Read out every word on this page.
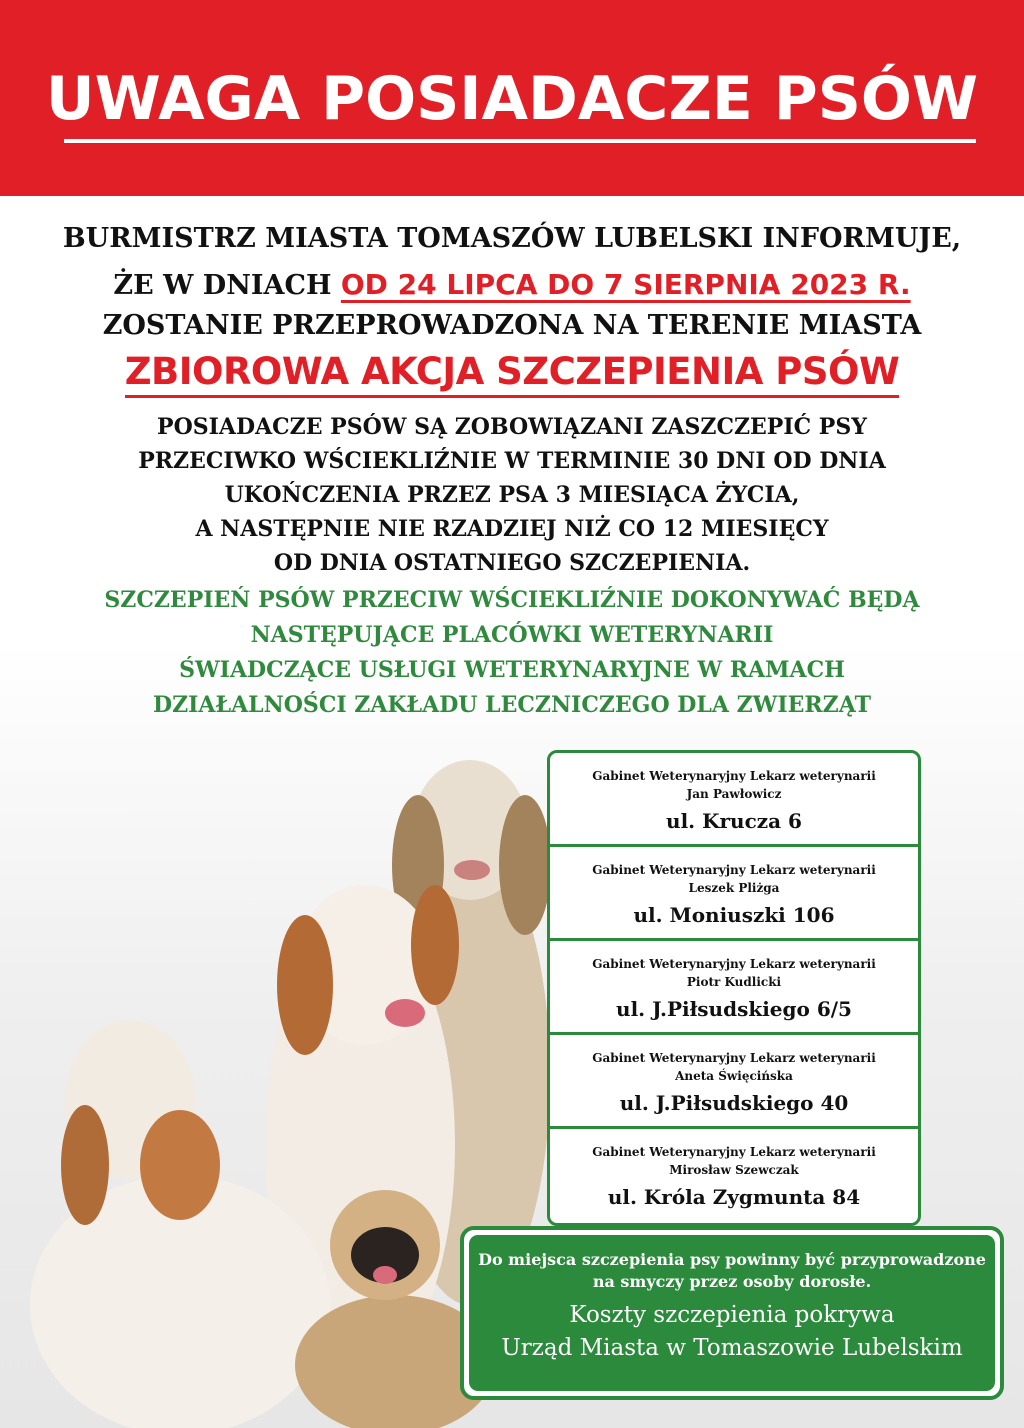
UWAGA POSIADACZE PSÓW
BURMISTRZ MIASTA TOMASZÓW LUBELSKI INFORMUJE,
ŻE W DNIACH OD 24 LIPCA DO 7 SIERPNIA 2023 R.
ZOSTANIE PRZEPROWADZONA NA TERENIE MIASTA
ZBIOROWA AKCJA SZCZEPIENIA PSÓW
POSIADACZE PSÓW SĄ ZOBOWIĄZANI ZASZCZEPIĆ PSY
PRZECIWKO WŚCIEKLIŹNIE W TERMINIE 30 DNI OD DNIA
UKOŃCZENIA PRZEZ PSA 3 MIESIĄCA ŻYCIA,
A NASTĘPNIE NIE RZADZIEJ NIŻ CO 12 MIESIĘCY
OD DNIA OSTATNIEGO SZCZEPIENIA.
SZCZEPIEŃ PSÓW PRZECIW WŚCIEKLIŹNIE DOKONYWAĆ BĘDĄ
NASTĘPUJĄCE PLACÓWKI WETERYNARII
ŚWIADCZĄCE USŁUGI WETERYNARYJNE W RAMACH
DZIAŁALNOŚCI ZAKŁADU LECZNICZEGO DLA ZWIERZĄT
Gabinet Weterynaryjny Lekarz weterynarii
Jan Pawłowicz
ul. Krucza 6
Gabinet Weterynaryjny Lekarz weterynarii
Leszek Pliżga
ul. Moniuszki 106
Gabinet Weterynaryjny Lekarz weterynarii
Piotr Kudlicki
ul. J.Piłsudskiego 6/5
Gabinet Weterynaryjny Lekarz weterynarii
Aneta Święcińska
ul. J.Piłsudskiego 40
Gabinet Weterynaryjny Lekarz weterynarii
Mirosław Szewczak
ul. Króla Zygmunta 84
Do miejsca szczepienia psy powinny być przyprowadzone
na smyczy przez osoby dorosłe.
Koszty szczepienia pokrywa
Urząd Miasta w Tomaszowie Lubelskim
